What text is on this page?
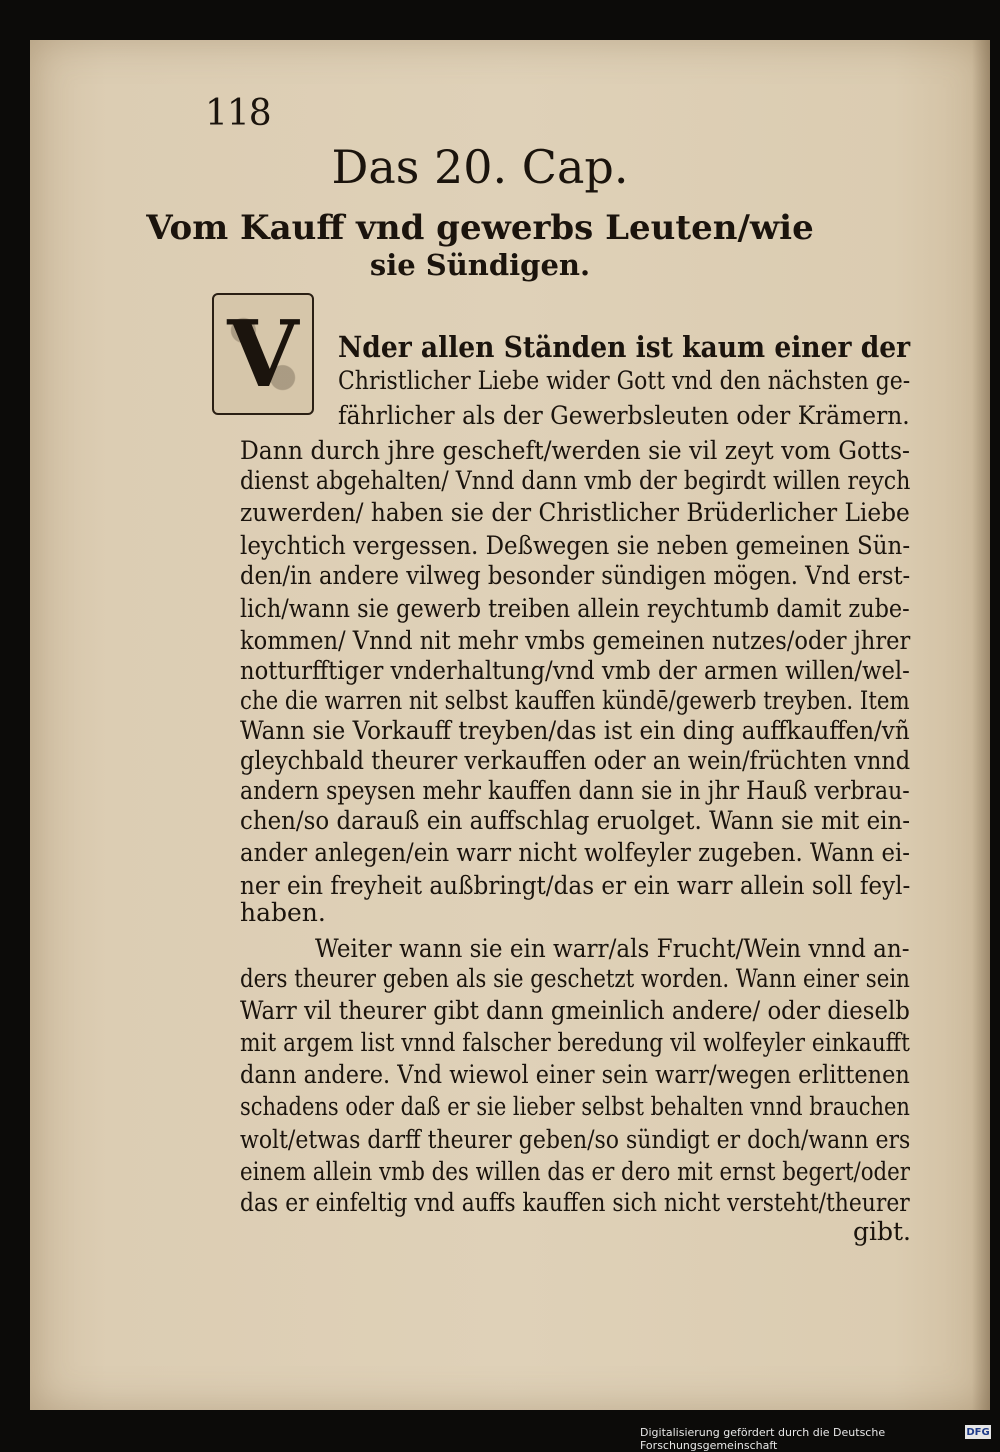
118
Das 20. Cap.
Vom Kauff vnd gewerbs Leuten/wie
sie Sündigen.
V	Nder allen Ständen ist kaum einer der
Christlicher Liebe wider Gott vnd den nächsten ge-
fährlicher als der Gewerbsleuten oder Krämern.
Dann durch jhre gescheft/werden sie vil zeyt vom Gotts-
dienst abgehalten/ Vnnd dann vmb der begirdt willen reych
zuwerden/ haben sie der Christlicher Brüderlicher Liebe
leychtich vergessen. Deßwegen sie neben gemeinen Sün-
den/in andere vilweg besonder sündigen mögen. Vnd erst-
lich/wann sie gewerb treiben allein reychtumb damit zube-
kommen/ Vnnd nit mehr vmbs gemeinen nutzes/oder jhrer
notturfftiger vnderhaltung/vnd vmb der armen willen/wel-
che die warren nit selbst kauffen kündē/gewerb treyben. Item
Wann sie Vorkauff treyben/das ist ein ding auffkauffen/vñ
gleychbald theurer verkauffen oder an wein/früchten vnnd
andern speysen mehr kauffen dann sie in jhr Hauß verbrau-
chen/so darauß ein auffschlag eruolget. Wann sie mit ein-
ander anlegen/ein warr nicht wolfeyler zugeben. Wann ei-
ner ein freyheit außbringt/das er ein warr allein soll feyl-
haben.
Weiter wann sie ein warr/als Frucht/Wein vnnd an-
ders theurer geben als sie geschetzt worden. Wann einer sein
Warr vil theurer gibt dann gmeinlich andere/ oder dieselb
mit argem list vnnd falscher beredung vil wolfeyler einkaufft
dann andere. Vnd wiewol einer sein warr/wegen erlittenen
schadens oder daß er sie lieber selbst behalten vnnd brauchen
wolt/etwas darff theurer geben/so sündigt er doch/wann ers
einem allein vmb des willen das er dero mit ernst begert/oder
das er einfeltig vnd auffs kauffen sich nicht versteht/theurer
gibt.
Digitalisierung gefördert durch die Deutsche Forschungsgemeinschaft
DFG
